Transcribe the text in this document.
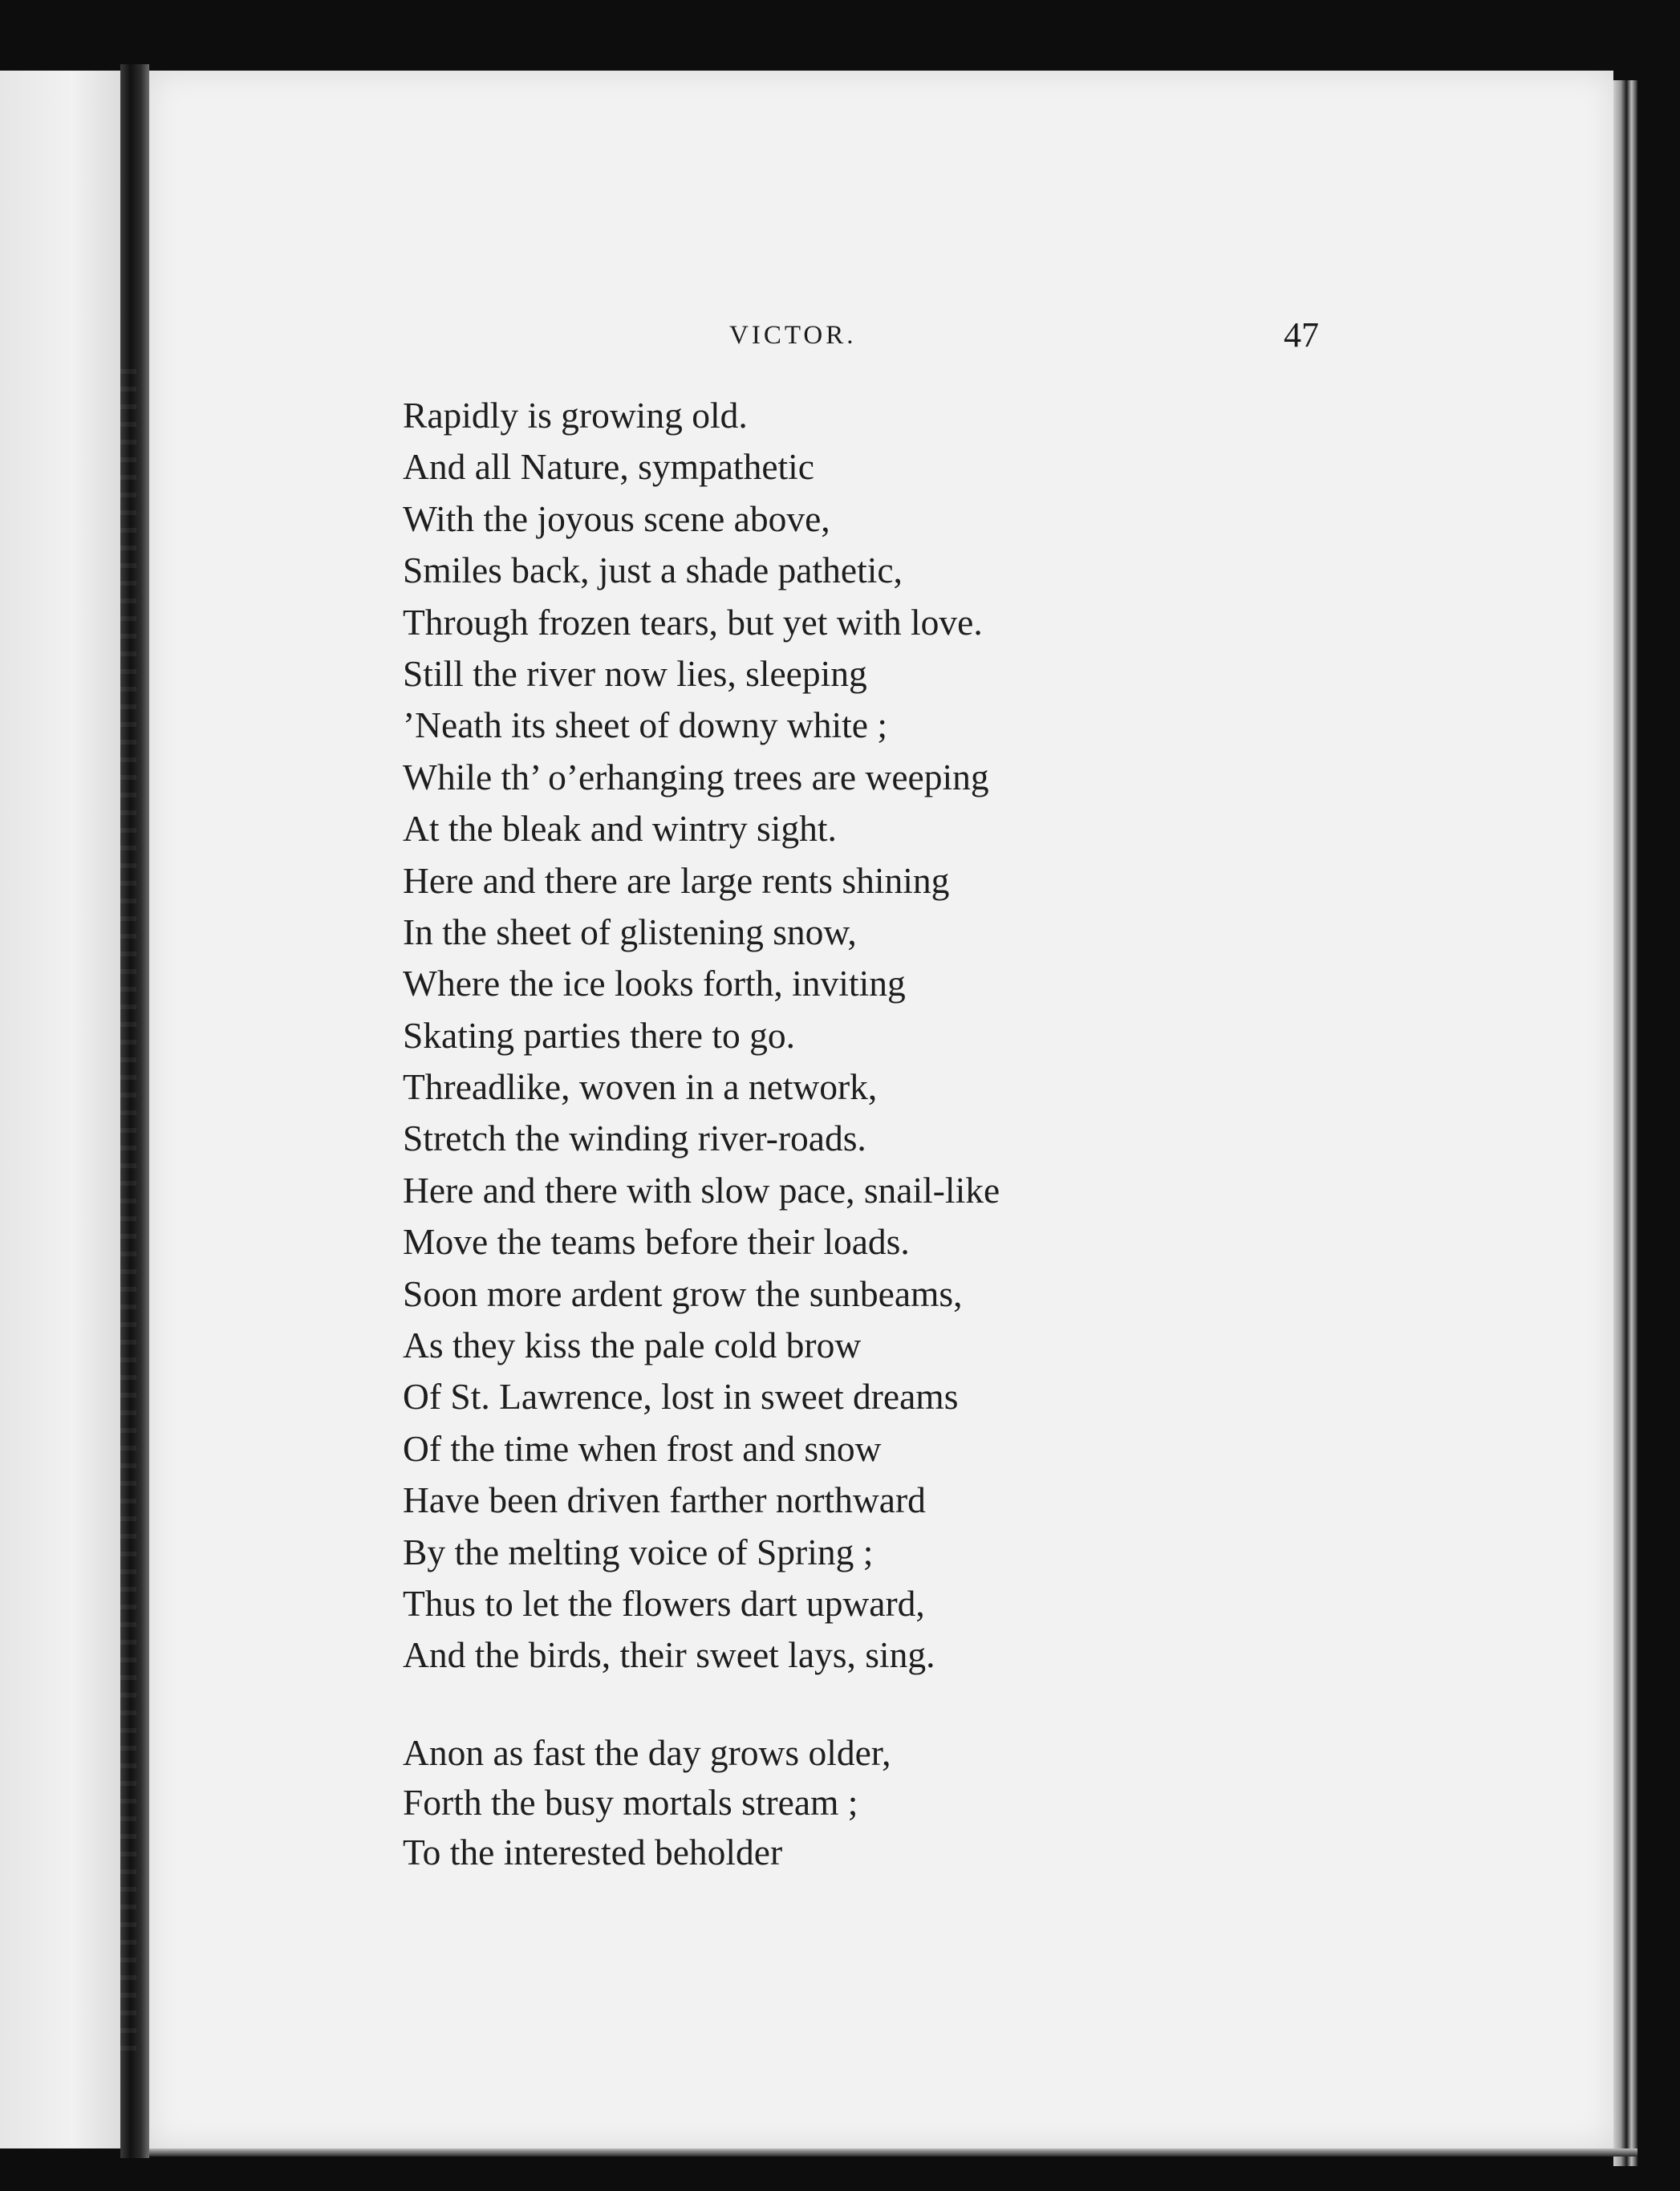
VICTOR.	47
Rapidly is growing old.
And all Nature, sympathetic
With the joyous scene above,
Smiles back, just a shade pathetic,
Through frozen tears, but yet with love.
Still the river now lies, sleeping
’Neath its sheet of downy white ;
While th’ o’erhanging trees are weeping
At the bleak and wintry sight.
Here and there are large rents shining
In the sheet of glistening snow,
Where the ice looks forth, inviting
Skating parties there to go.
Threadlike, woven in a network,
Stretch the winding river-roads.
Here and there with slow pace, snail-like
Move the teams before their loads.
Soon more ardent grow the sunbeams,
As they kiss the pale cold brow
Of St. Lawrence, lost in sweet dreams
Of the time when frost and snow
Have been driven farther northward
By the melting voice of Spring ;
Thus to let the flowers dart upward,
And the birds, their sweet lays, sing.
Anon as fast the day grows older,
Forth the busy mortals stream ;
To the interested beholder
